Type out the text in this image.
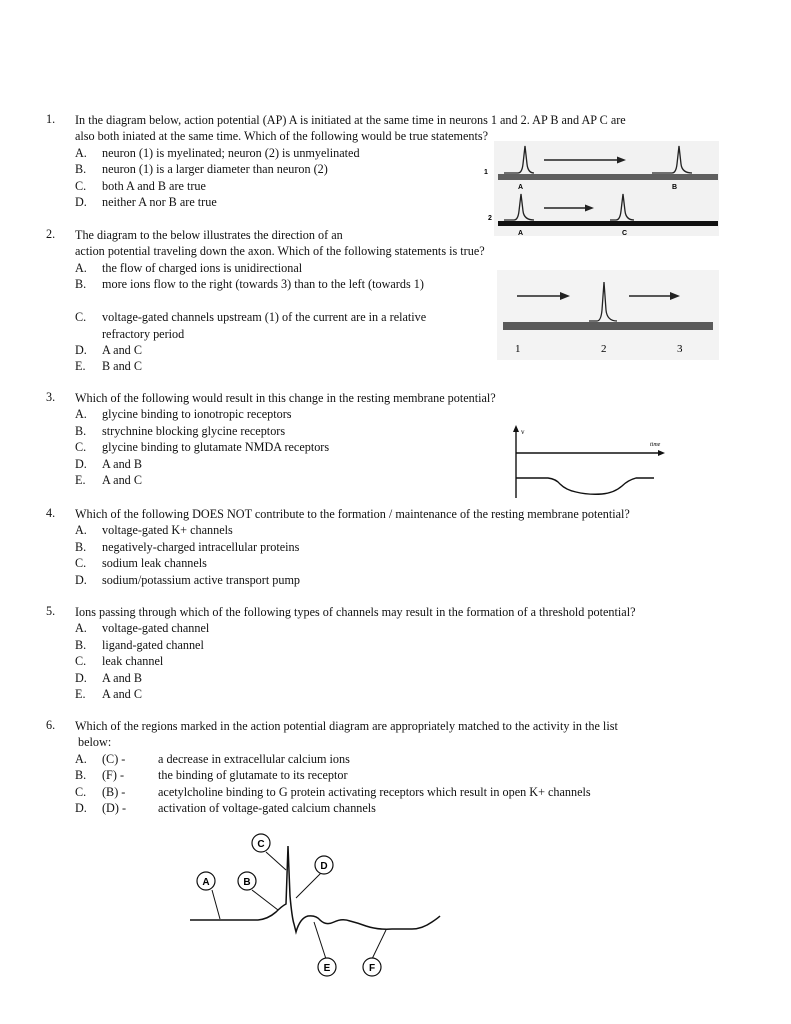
1. In the diagram below, action potential (AP) A is initiated at the same time in neurons 1 and 2. AP B and AP C are
also both iniated at the same time. Which of the following would be true statements?
A. neuron (1) is myelinated; neuron (2) is unmyelinated
B. neuron (1) is a larger diameter than neuron (2)
C. both A and B are true
D. neither A nor B are true
1
A	B
2
A	C
2. The diagram to the below illustrates the direction of an
action potential traveling down the axon. Which of the following statements is true?
A. the flow of charged ions is unidirectional
B. more ions flow to the right (towards 3) than to the left (towards 1)
C. voltage-gated channels upstream (1) of the current are in a relative refractory period
D. A and C
E. B and C
1	2	3
3. Which of the following would result in this change in the resting membrane potential?
A. glycine binding to ionotropic receptors
B. strychnine blocking glycine receptors
C. glycine binding to glutamate NMDA receptors
D. A and B
E. A and C
v
time
4. Which of the following DOES NOT contribute to the formation / maintenance of the resting membrane potential?
A. voltage-gated K+ channels
B. negatively-charged intracellular proteins
C. sodium leak channels
D. sodium/potassium active transport pump
5. Ions passing through which of the following types of channels may result in the formation of a threshold potential?
A. voltage-gated channel
B. ligand-gated channel
C. leak channel
D. A and B
E. A and C
6. Which of the regions marked in the action potential diagram are appropriately matched to the activity in the list
below:
A. (C) -	a decrease in extracellular calcium ions
B. (F) -	the binding of glutamate to its receptor
C. (B) -	acetylcholine binding to G protein activating receptors which result in open K+ channels
D. (D) -	activation of voltage-gated calcium channels
A	B
C
D
E	F
